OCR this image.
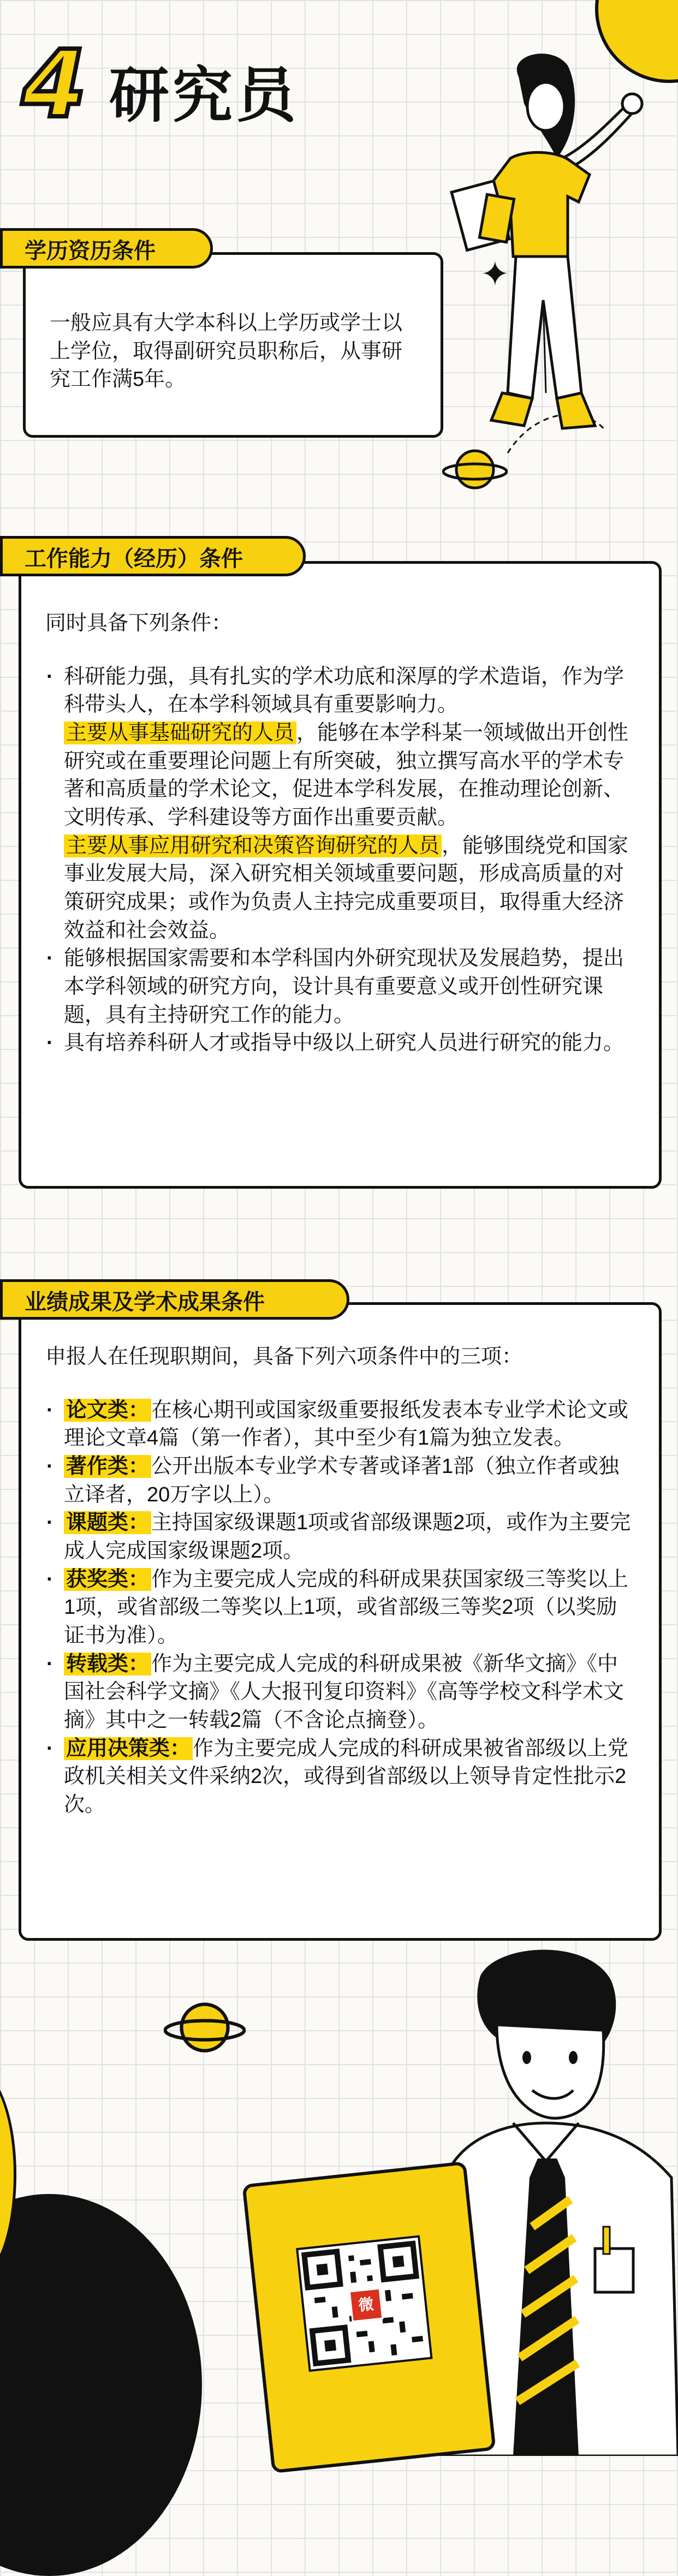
4 研究员
✦
学历资历条件

一般应具有大学本科以上学历或学士以上学位，取得副研究员职称后，从事研究工作满5年。

工作能力（经历）条件

同时具备下列条件：

· 科研能力强，具有扎实的学术功底和深厚的学术造诣，作为学科带头人，在本学科领域具有重要影响力。
主要从事基础研究的人员 ，能够在本学科某一领域做出开创性研究或在重要理论问题上有所突破，独立撰写高水平的学术专著和高质量的学术论文，促进本学科发展，在推动理论创新、文明传承、学科建设等方面作出重要贡献。
主要从事应用研究和决策咨询研究的人员 ，能够围绕党和国家事业发展大局，深入研究相关领域重要问题，形成高质量的对策研究成果；或作为负责人主持完成重要项目，取得重大经济效益和社会效益。
· 能够根据国家需要和本学科国内外研究现状及发展趋势，提出本学科领域的研究方向，设计具有重要意义或开创性研究课题，具有主持研究工作的能力。
· 具有培养科研人才或指导中级以上研究人员进行研究的能力。
业绩成果及学术成果条件

申报人在任现职期间，具备下列六项条件中的三项：

· 论文类： 在核心期刊或国家级重要报纸发表本专业学术论文或理论文章4篇（第一作者），其中至少有1篇为独立发表。
· 著作类： 公开出版本专业学术专著或译著1部（独立作者或独立译者，20万字以上）。
· 课题类： 主持国家级课题1项或省部级课题2项，或作为主要完成人完成国家级课题2项。
· 获奖类： 作为主要完成人完成的科研成果获国家级三等奖以上1项，或省部级二等奖以上1项，或省部级三等奖2项（以奖励证书为准）。
· 转载类： 作为主要完成人完成的科研成果被《新华文摘》《中国社会科学文摘》《人大报刊复印资料》《高等学校文科学术文摘》其中之一转载2篇（不含论点摘登）。
· 应用决策类： 作为主要完成人完成的科研成果被省部级以上党政机关相关文件采纳2次，或得到省部级以上领导肯定性批示2次。
微
